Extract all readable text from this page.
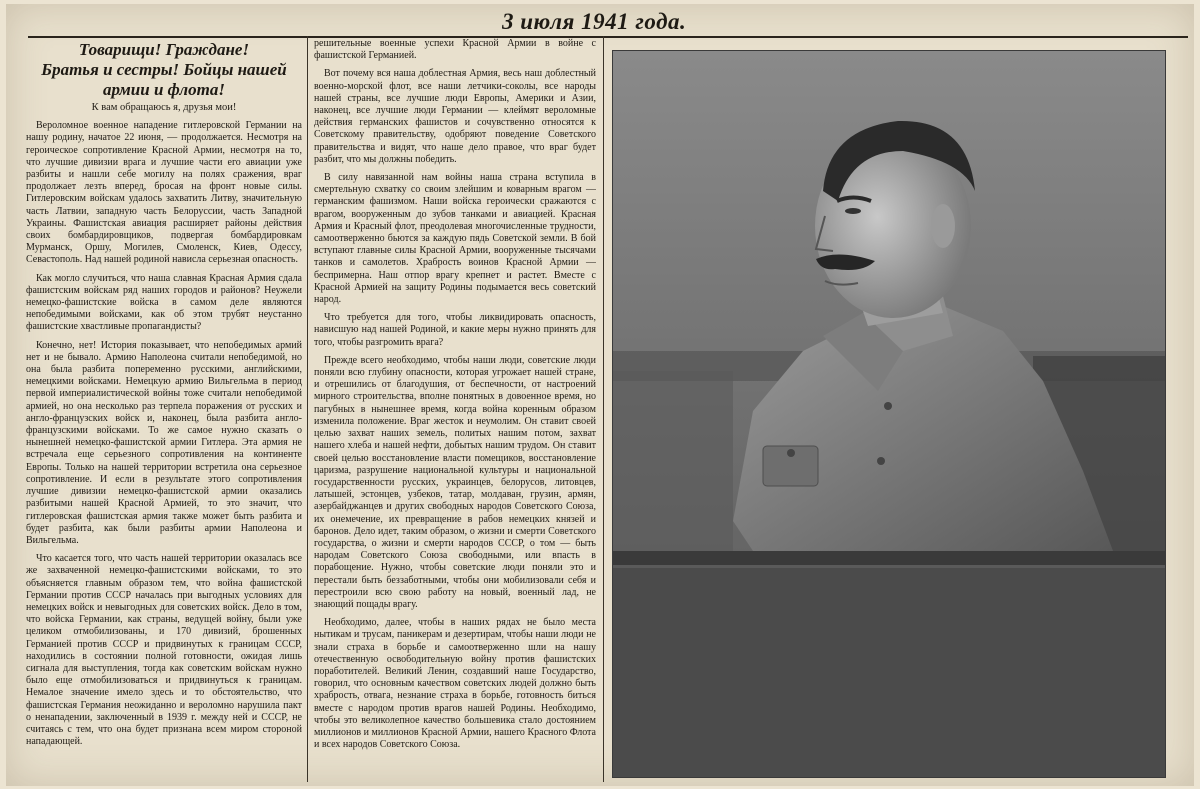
3 июля 1941 года.
Товарищи! Граждане!
Братья и сестры! Бойцы нашей
армии и флота!
К вам обращаюсь я, друзья мои!

Вероломное военное нападение гитлеровской Германии на нашу родину, начатое 22 июня, — продолжается. Несмотря на героическое сопротивление Красной Армии, несмотря на то, что лучшие дивизии врага и лучшие части его авиации уже разбиты и нашли себе могилу на полях сражения, враг продолжает лезть вперед, бросая на фронт новые силы. Гитлеровским войскам удалось захватить Литву, значительную часть Латвии, западную часть Белоруссии, часть Западной Украины. Фашистская авиация расширяет районы действия своих бомбардировщиков, подвергая бомбардировкам Мурманск, Оршу, Могилев, Смоленск, Киев, Одессу, Севастополь. Над нашей родиной нависла серьезная опасность.

Как могло случиться, что наша славная Красная Армия сдала фашистским войскам ряд наших городов и районов? Неужели немецко-фашистские войска в самом деле являются непобедимыми войсками, как об этом трубят неустанно фашистские хвастливые пропагандисты?

Конечно, нет! История показывает, что непобедимых армий нет и не бывало. Армию Наполеона считали непобедимой, но она была разбита попеременно русскими, английскими, немецкими войсками. Немецкую армию Вильгельма в период первой империалистической войны тоже считали непобедимой армией, но она несколько раз терпела поражения от русских и англо-французских войск и, наконец, была разбита англо-французскими войсками. То же самое нужно сказать о нынешней немецко-фашистской армии Гитлера. Эта армия не встречала еще серьезного сопротивления на континенте Европы. Только на нашей территории встретила она серьезное сопротивление. И если в результате этого сопротивления лучшие дивизии немецко-фашистской армии оказались разбитыми нашей Красной Армией, то это значит, что гитлеровская фашистская армия также может быть разбита и будет разбита, как были разбиты армии Наполеона и Вильгельма.

Что касается того, что часть нашей территории оказалась все же захваченной немецко-фашистскими войсками, то это объясняется главным образом тем, что война фашистской Германии против СССР началась при выгодных условиях для немецких войск и невыгодных для советских войск. Дело в том, что войска Германии, как страны, ведущей войну, были уже целиком отмобилизованы, и 170 дивизий, брошенных Германией против СССР и придвинутых к границам СССР, находились в состоянии полной готовности, ожидая лишь сигнала для выступления, тогда как советским войскам нужно было еще отмобилизоваться и придвинуться к границам. Немалое значение имело здесь и то обстоятельство, что фашистская Германия неожиданно и вероломно нарушила пакт о ненападении, заключенный в 1939 г. между ней и СССР, не считаясь с тем, что она будет признана всем миром стороной нападающей.

решительные военные успехи Красной Армии в войне с фашистской Германией.

Вот почему вся наша доблестная Армия, весь наш доблестный военно-морской флот, все наши летчики-соколы, все народы нашей страны, все лучшие люди Европы, Америки и Азии, наконец, все лучшие люди Германии — клеймят вероломные действия германских фашистов и сочувственно относятся к Советскому правительству, одобряют поведение Советского правительства и видят, что наше дело правое, что враг будет разбит, что мы должны победить.

В силу навязанной нам войны наша страна вступила в смертельную схватку со своим злейшим и коварным врагом — германским фашизмом. Наши войска героически сражаются с врагом, вооруженным до зубов танками и авиацией. Красная Армия и Красный флот, преодолевая многочисленные трудности, самоотверженно бьются за каждую пядь Советской земли. В бой вступают главные силы Красной Армии, вооруженные тысячами танков и самолетов. Храбрость воинов Красной Армии — беспримерна. Наш отпор врагу крепнет и растет. Вместе с Красной Армией на защиту Родины подымается весь советский народ.

Что требуется для того, чтобы ликвидировать опасность, нависшую над нашей Родиной, и какие меры нужно принять для того, чтобы разгромить врага?

Прежде всего необходимо, чтобы наши люди, советские люди поняли всю глубину опасности, которая угрожает нашей стране, и отрешились от благодушия, от беспечности, от настроений мирного строительства, вполне понятных в довоенное время, но пагубных в нынешнее время, когда война коренным образом изменила положение. Враг жесток и неумолим. Он ставит своей целью захват наших земель, политых нашим потом, захват нашего хлеба и нашей нефти, добытых нашим трудом. Он ставит своей целью восстановление власти помещиков, восстановление царизма, разрушение национальной культуры и национальной государственности русских, украинцев, белорусов, литовцев, латышей, эстонцев, узбеков, татар, молдаван, грузин, армян, азербайджанцев и других свободных народов Советского Союза, их онемечение, их превращение в рабов немецких князей и баронов. Дело идет, таким образом, о жизни и смерти Советского государства, о жизни и смерти народов СССР, о том — быть народам Советского Союза свободными, или впасть в порабощение. Нужно, чтобы советские люди поняли это и перестали быть беззаботными, чтобы они мобилизовали себя и перестроили всю свою работу на новый, военный лад, не знающий пощады врагу.

Необходимо, далее, чтобы в наших рядах не было места нытикам и трусам, паникерам и дезертирам, чтобы наши люди не знали страха в борьбе и самоотверженно шли на нашу отечественную освободительную войну против фашистских поработителей. Великий Ленин, создавший наше Государство, говорил, что основным качеством советских людей должно быть храбрость, отвага, незнание страха в борьбе, готовность биться вместе с народом против врагов нашей Родины. Необходимо, чтобы это великолепное качество большевика стало достоянием миллионов и миллионов Красной Армии, нашего Красного Флота и всех народов Советского Союза.
